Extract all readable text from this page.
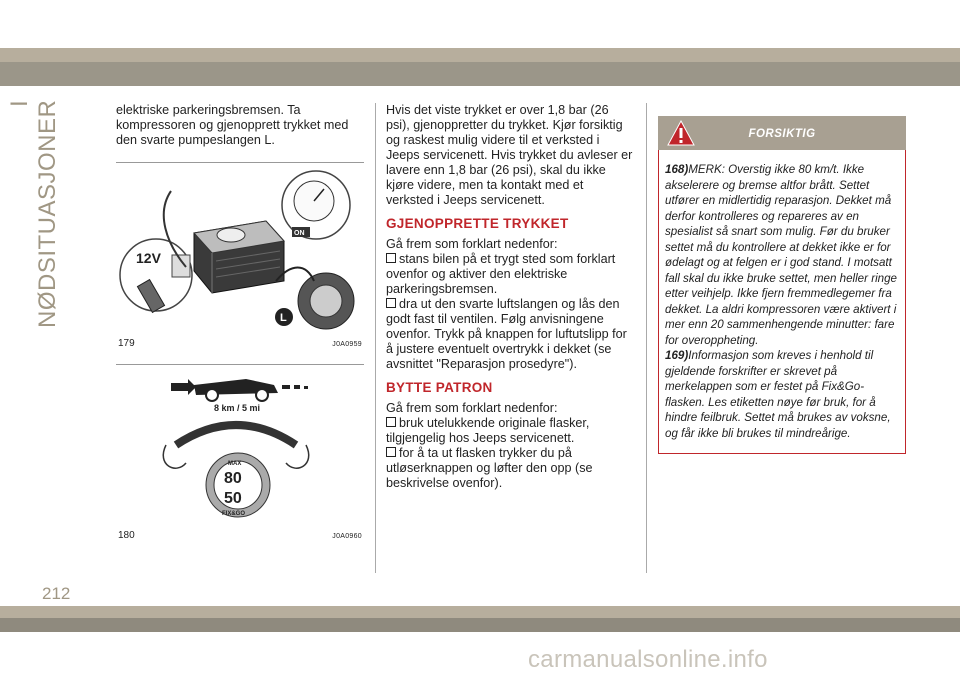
I NØDSITUASJONER	elektriske parkeringsbremsen. Ta kompressoren og gjenopprett trykket med den svarte pumpeslangen L.

12V
ON
L
179	J0A0959
8 km / 5 mi
MAX
80
50
FIX&GO
180	J0A0960

Hvis det viste trykket er over 1,8 bar (26 psi), gjenoppretter du trykket. Kjør forsiktig og raskest mulig videre til et verksted i Jeeps servicenett. Hvis trykket du avleser er lavere enn 1,8 bar (26 psi), skal du ikke kjøre videre, men ta kontakt med et verksted i Jeeps servicenett.

GJENOPPRETTE TRYKKET

Gå frem som forklart nedenfor:

stans bilen på et trygt sted som forklart ovenfor og aktiver den elektriske parkeringsbremsen.

dra ut den svarte luftslangen og lås den godt fast til ventilen. Følg anvisningene ovenfor. Trykk på knappen for luftutslipp for å justere eventuelt overtrykk i dekket (se avsnittet "Reparasjon prosedyre").

BYTTE PATRON

Gå frem som forklart nedenfor:

bruk utelukkende originale flasker, tilgjengelig hos Jeeps servicenett.

for å ta ut flasken trykker du på utløserknappen og løfter den opp (se beskrivelse ovenfor).

FORSIKTIG
168)MERK: Overstig ikke 80 km/t. Ikke akselerere og bremse altfor brått. Settet utfører en midlertidig reparasjon. Dekket må derfor kontrolleres og repareres av en spesialist så snart som mulig. Før du bruker settet må du kontrollere at dekket ikke er for ødelagt og at felgen er i god stand. I motsatt fall skal du ikke bruke settet, men heller ringe etter veihjelp. Ikke fjern fremmedlegemer fra dekket. La aldri kompressoren være aktivert i mer enn 20 sammenhengende minutter: fare for overoppheting.
169)Informasjon som kreves i henhold til gjeldende forskrifter er skrevet på merkelappen som er festet på Fix&Go-flasken. Les etiketten nøye før bruk, for å hindre feilbruk. Settet må brukes av voksne, og får ikke bli brukes til mindreårige.
212
carmanualsonline.info
